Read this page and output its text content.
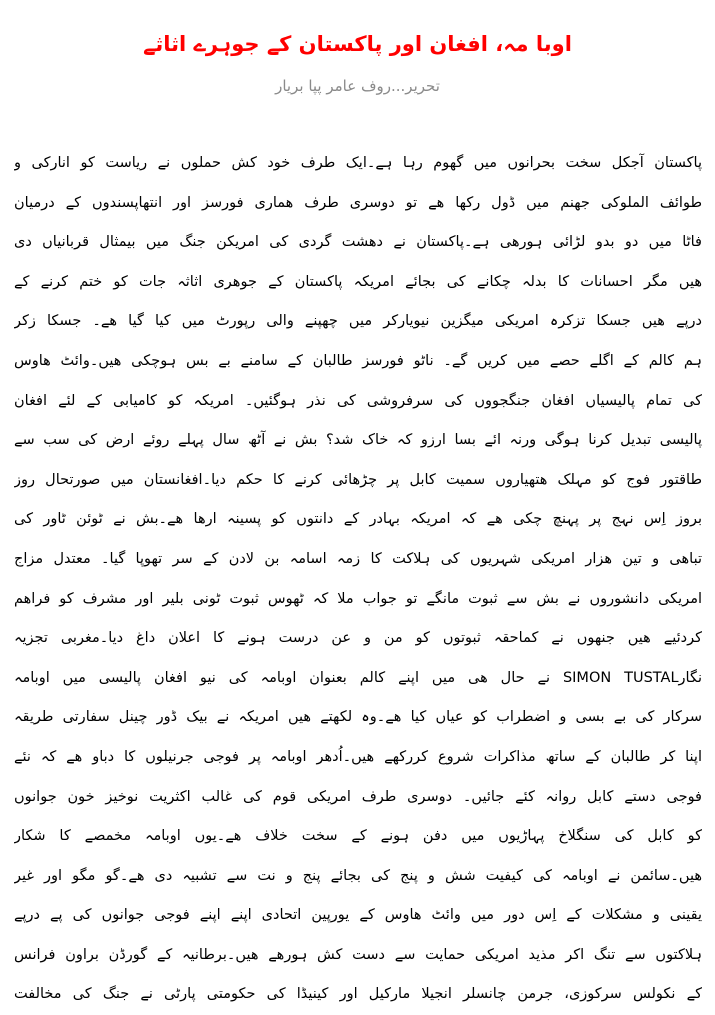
اوبا مہ، افغان اور پاکستان کے جوہرے اثاثے
تحریر...روف عامر پپا بریار
پاکستان آجکل سخت بحرانوں میں گھوم رہا ہے۔ایک طرف خود کش حملوں نے ریاست کو انارکی و
طوائف الملوکی جھنم میں ڈول رکھا ھے تو دوسری طرف ھماری فورسز اور انتھاپسندوں کے درمیان
فاٹا میں دو بدو لڑائی ہورھی ہے۔پاکستان نے دھشت گردی کی امریکن جنگ میں بیمثال قربانیاں دی
ھیں مگر احسانات کا بدلہ چکانے کی بجائے امریکہ پاکستان کے جوھری اثاثہ جات کو ختم کرنے کے
درپے ھیں جسکا تزکرہ امریکی میگزین نیویارکر میں چھپنے والی رپورٹ میں کیا گیا ھے۔ جسکا زکر
ہم کالم کے اگلے حصے میں کریں گے۔ ناٹو فورسز طالبان کے سامنے بے بس ہوچکی ھیں۔وائٹ ھاوس
کی تمام پالیسیاں افغان جنگجووں کی سرفروشی کی نذر ہوگئیں۔ امریکہ کو کامیابی کے لئے افغان
پالیسی تبدیل کرنا ہوگی ورنہ ائے بسا ارزو کہ خاک شد؟ بش نے آٹھ سال پہلے روئے ارض کی سب سے
طاقتور فوج کو مہلک ھتھیاروں سمیت کابل پر چڑھائی کرنے کا حکم دیا۔افغانستان میں صورتحال روز
بروز اِس نہج پر پہنچ چکی ھے کہ امریکہ بہادر کے دانتوں کو پسینہ ارھا ھے۔بش نے ٹوئن ٹاور کی
تباھی و تین ھزار امریکی شہریوں کی ہلاکت کا زمہ اسامہ بن لادن کے سر تھوپا گیا۔ معتدل مزاج
امریکی دانشوروں نے بش سے ثبوت مانگے تو جواب ملا کہ ٹھوس ثبوت ٹونی بلیر اور مشرف کو فراھم
کردئیے ھیں جنھوں نے کماحقہ ثبوتوں کو من و عن درست ہونے کا اعلان داغ دیا۔مغربی تجزیہ
نگارSIMON TUSTAL نے حال ھی میں اپنے کالم بعنوان اوبامہ کی نیو افغان پالیسی میں اوبامہ
سرکار کی بے بسی و اضطراب کو عیاں کیا ھے۔وہ لکھتے ھیں امریکہ نے بیک ڈور چینل سفارتی طریقہ
اپنا کر طالبان کے ساتھ مذاکرات شروع کررکھے ھیں۔اُدھر اوبامہ پر فوجی جرنیلوں کا دباو ھے کہ نئے
فوجی دستے کابل روانہ کئے جائیں۔ دوسری طرف امریکی قوم کی غالب اکثریت نوخیز خون جوانوں
کو کابل کی سنگلاخ پہاڑیوں میں دفن ہونے کے سخت خلاف ھے۔یوں اوبامہ مخمصے کا شکار
ھیں۔سائمن نے اوبامہ کی کیفیت شش و پنج کی بجائے پنج و نت سے تشبیہ دی ھے۔گو مگو اور غیر
یقینی و مشکلات کے اِس دور میں وائٹ ھاوس کے یورپین اتحادی اپنے اپنے فوجی جوانوں کی پے درپے
ہلاکتوں سے تنگ اکر مذید امریکی حمایت سے دست کش ہورھے ھیں۔برطانیہ کے گورڈن براون فرانس
کے نکولس سرکوزی، جرمن چانسلر انجیلا مارکیل اور کینیڈا کی حکومتی پارٹی نے جنگ کی مخالفت
